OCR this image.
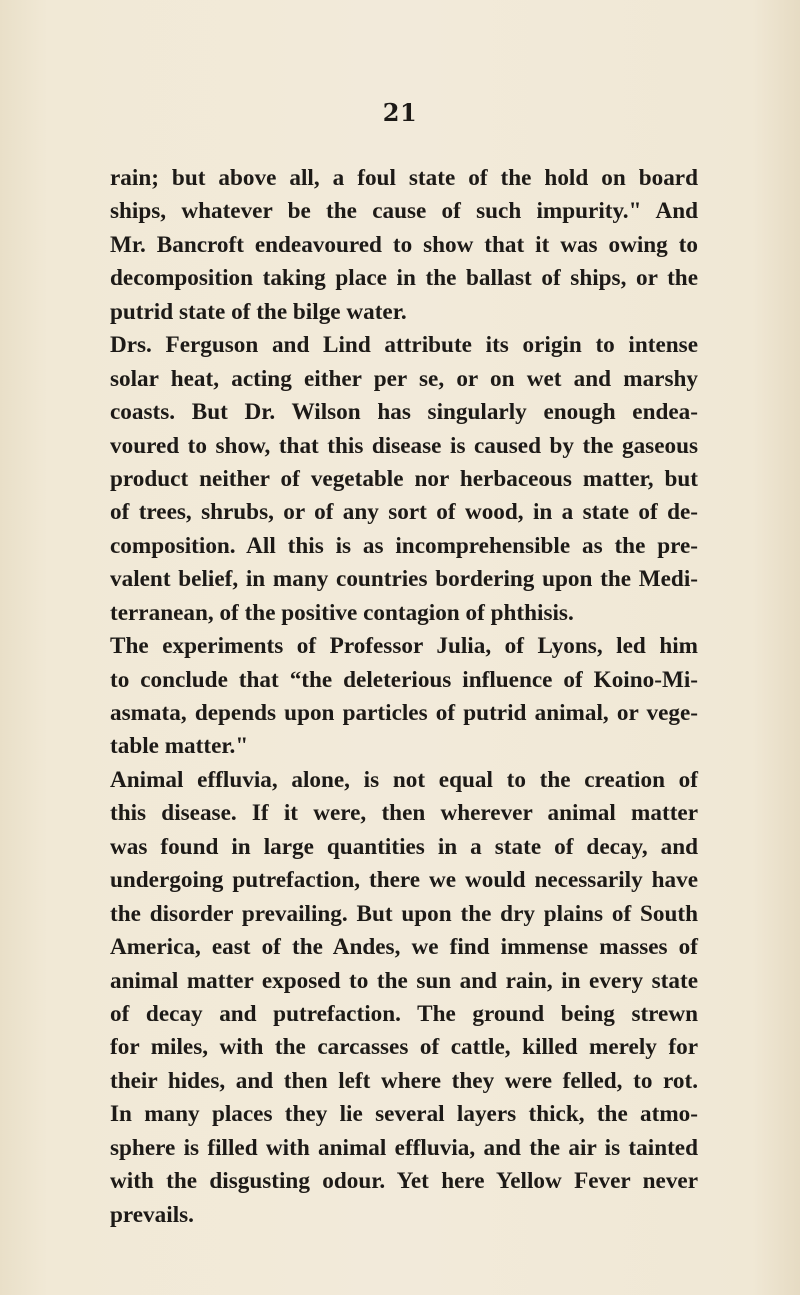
21
rain; but above all, a foul state of the hold on board
ships, whatever be the cause of such impurity." And
Mr. Bancroft endeavoured to show that it was owing to
decomposition taking place in the ballast of ships, or the
putrid state of the bilge water.
Drs. Ferguson and Lind attribute its origin to intense
solar heat, acting either per se, or on wet and marshy
coasts. But Dr. Wilson has singularly enough endea-
voured to show, that this disease is caused by the gaseous
product neither of vegetable nor herbaceous matter, but
of trees, shrubs, or of any sort of wood, in a state of de-
composition. All this is as incomprehensible as the pre-
valent belief, in many countries bordering upon the Medi-
terranean, of the positive contagion of phthisis.
The experiments of Professor Julia, of Lyons, led him
to conclude that “the deleterious influence of Koino-Mi-
asmata, depends upon particles of putrid animal, or vege-
table matter."
Animal effluvia, alone, is not equal to the creation of
this disease. If it were, then wherever animal matter
was found in large quantities in a state of decay, and
undergoing putrefaction, there we would necessarily have
the disorder prevailing. But upon the dry plains of South
America, east of the Andes, we find immense masses of
animal matter exposed to the sun and rain, in every state
of decay and putrefaction. The ground being strewn
for miles, with the carcasses of cattle, killed merely for
their hides, and then left where they were felled, to rot.
In many places they lie several layers thick, the atmo-
sphere is filled with animal effluvia, and the air is tainted
with the disgusting odour. Yet here Yellow Fever never
prevails.
